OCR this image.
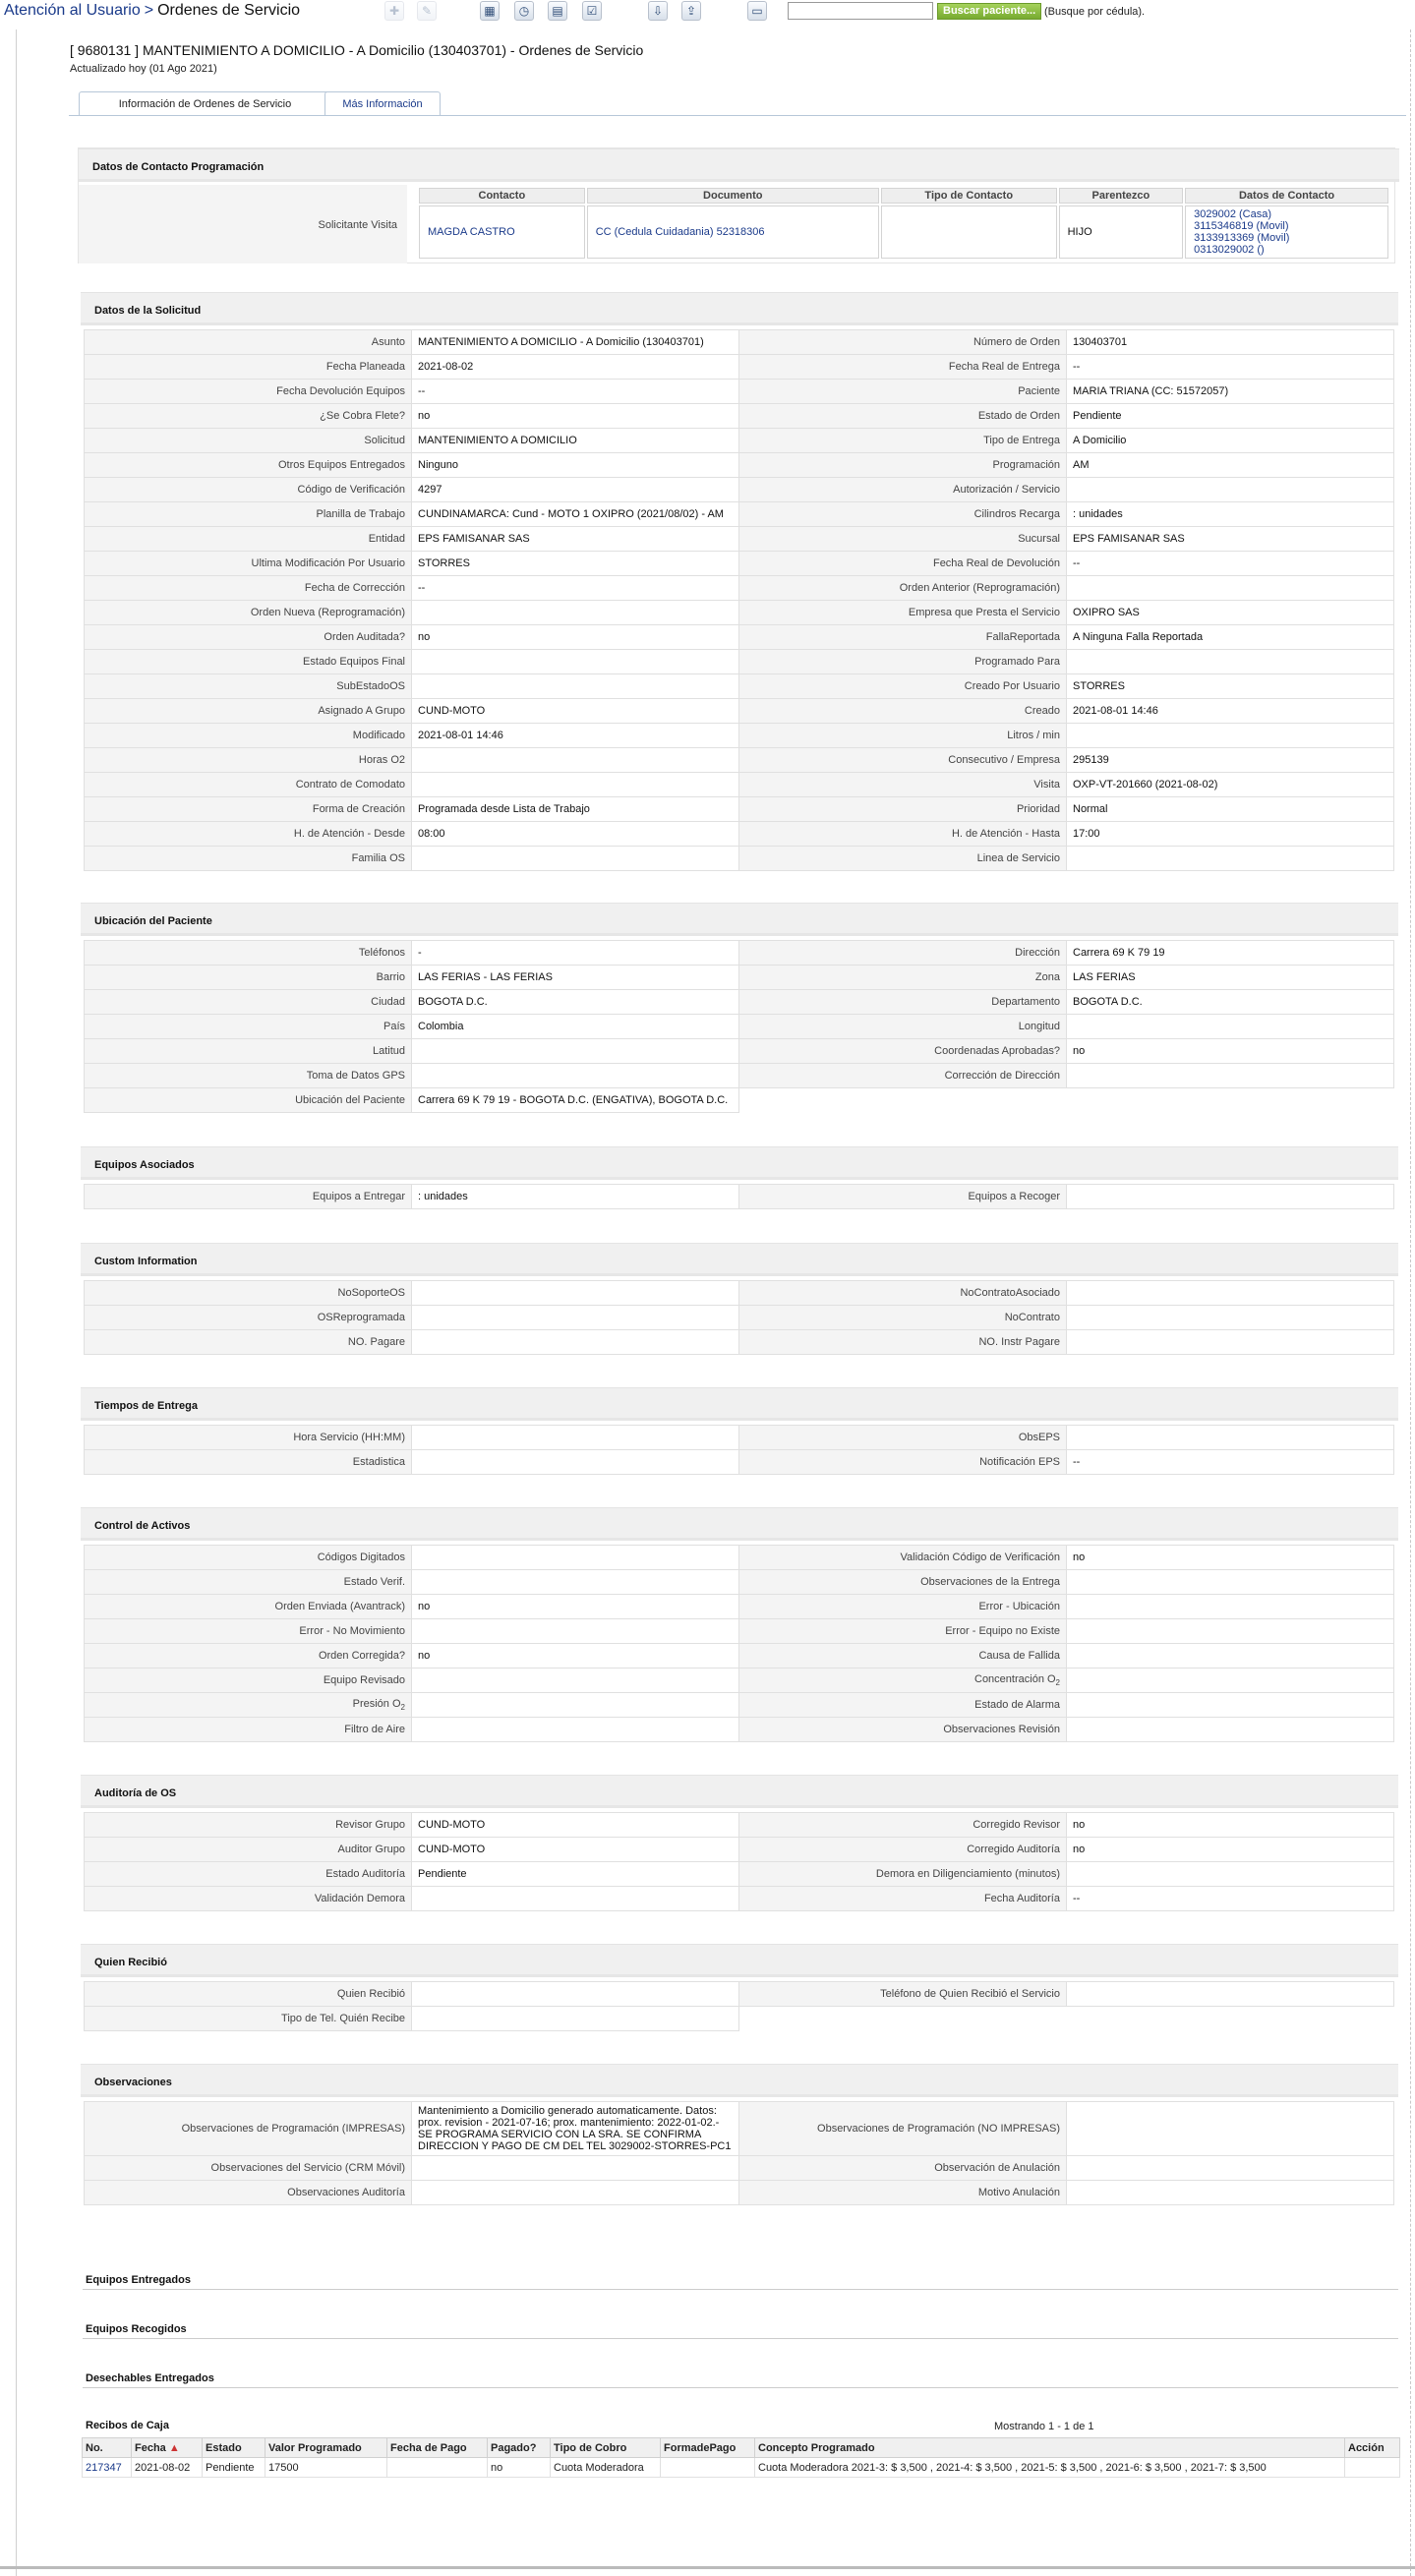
Atención al Usuario > Ordenes de Servicio	✚	✎	▦	◷	▤	☑	⇩	⇪	▭	Buscar paciente... (Busque por cédula).
[ 9680131 ] MANTENIMIENTO A DOMICILIO - A Domicilio (130403701) - Ordenes de Servicio
Actualizado hoy (01 Ago 2021)
Información de Ordenes de Servicio	Más Información
Datos de Contacto Programación
Solicitante Visita
Contacto	Documento	Tipo de Contacto	Parentezco	Datos de Contacto
MAGDA CASTRO	CC (Cedula Cuidadania) 52318306		HIJO	3029002 (Casa)
3115346819 (Movil)
3133913369 (Movil)
0313029002 ()
Datos de la Solicitud
Asunto	MANTENIMIENTO A DOMICILIO - A Domicilio (130403701)	Número de Orden	130403701
Fecha Planeada	2021-08-02	Fecha Real de Entrega	--
Fecha Devolución Equipos	--	Paciente	MARIA TRIANA (CC: 51572057)
¿Se Cobra Flete?	no	Estado de Orden	Pendiente
Solicitud	MANTENIMIENTO A DOMICILIO	Tipo de Entrega	A Domicilio
Otros Equipos Entregados	Ninguno	Programación	AM
Código de Verificación	4297	Autorización / Servicio	
Planilla de Trabajo	CUNDINAMARCA: Cund - MOTO 1 OXIPRO (2021/08/02) - AM	Cilindros Recarga	: unidades
Entidad	EPS FAMISANAR SAS	Sucursal	EPS FAMISANAR SAS
Ultima Modificación Por Usuario	STORRES	Fecha Real de Devolución	--
Fecha de Corrección	--	Orden Anterior (Reprogramación)	
Orden Nueva (Reprogramación)		Empresa que Presta el Servicio	OXIPRO SAS
Orden Auditada?	no	FallaReportada	A Ninguna Falla Reportada
Estado Equipos Final		Programado Para	
SubEstadoOS		Creado Por Usuario	STORRES
Asignado A Grupo	CUND-MOTO	Creado	2021-08-01 14:46
Modificado	2021-08-01 14:46	Litros / min	
Horas O2		Consecutivo / Empresa	295139
Contrato de Comodato		Visita	OXP-VT-201660 (2021-08-02)
Forma de Creación	Programada desde Lista de Trabajo	Prioridad	Normal
H. de Atención - Desde	08:00	H. de Atención - Hasta	17:00
Familia OS		Linea de Servicio	
Ubicación del Paciente
Teléfonos	-	Dirección	Carrera 69 K 79 19
Barrio	LAS FERIAS - LAS FERIAS	Zona	LAS FERIAS
Ciudad	BOGOTA D.C.	Departamento	BOGOTA D.C.
País	Colombia	Longitud	
Latitud		Coordenadas Aprobadas?	no
Toma de Datos GPS		Corrección de Dirección	
Ubicación del Paciente	Carrera 69 K 79 19 - BOGOTA D.C. (ENGATIVA), BOGOTA D.C.
Equipos Asociados
Equipos a Entregar	: unidades	Equipos a Recoger	
Custom Information
NoSoporteOS		NoContratoAsociado	
OSReprogramada		NoContrato	
NO. Pagare		NO. Instr Pagare	
Tiempos de Entrega
Hora Servicio (HH:MM)		ObsEPS	
Estadistica		Notificación EPS	--
Control de Activos
Códigos Digitados		Validación Código de Verificación	no
Estado Verif.		Observaciones de la Entrega	
Orden Enviada (Avantrack)	no	Error - Ubicación	
Error - No Movimiento		Error - Equipo no Existe	
Orden Corregida?	no	Causa de Fallida	
Equipo Revisado		Concentración $O_2$	
Presión $O_2$		Estado de Alarma	
Filtro de Aire		Observaciones Revisión	
Auditoría de OS
Revisor Grupo	CUND-MOTO	Corregido Revisor	no
Auditor Grupo	CUND-MOTO	Corregido Auditoría	no
Estado Auditoría	Pendiente	Demora en Diligenciamiento (minutos)	
Validación Demora		Fecha Auditoría	--
Quien Recibió
Quien Recibió		Teléfono de Quien Recibió el Servicio	
Tipo de Tel. Quién Recibe	
Observaciones
Observaciones de Programación (IMPRESAS)	Mantenimiento a Domicilio generado automaticamente. Datos: prox. revision - 2021-07-16; prox. mantenimiento: 2022-01-02.- SE PROGRAMA SERVICIO CON LA SRA. SE CONFIRMA DIRECCION Y PAGO DE CM DEL TEL 3029002-STORRES-PC1	Observaciones de Programación (NO IMPRESAS)	
Observaciones del Servicio (CRM Móvil)		Observación de Anulación	
Observaciones Auditoría		Motivo Anulación	
Equipos Entregados
Equipos Recogidos
Desechables Entregados
Recibos de Caja	Mostrando 1 - 1 de 1
No.	Fecha ▲	Estado	Valor Programado	Fecha de Pago	Pagado?	Tipo de Cobro	FormadePago	Concepto Programado	Acción
217347	2021-08-02	Pendiente	17500		no	Cuota Moderadora		Cuota Moderadora 2021-3: $ 3,500 , 2021-4: $ 3,500 , 2021-5: $ 3,500 , 2021-6: $ 3,500 , 2021-7: $ 3,500	
